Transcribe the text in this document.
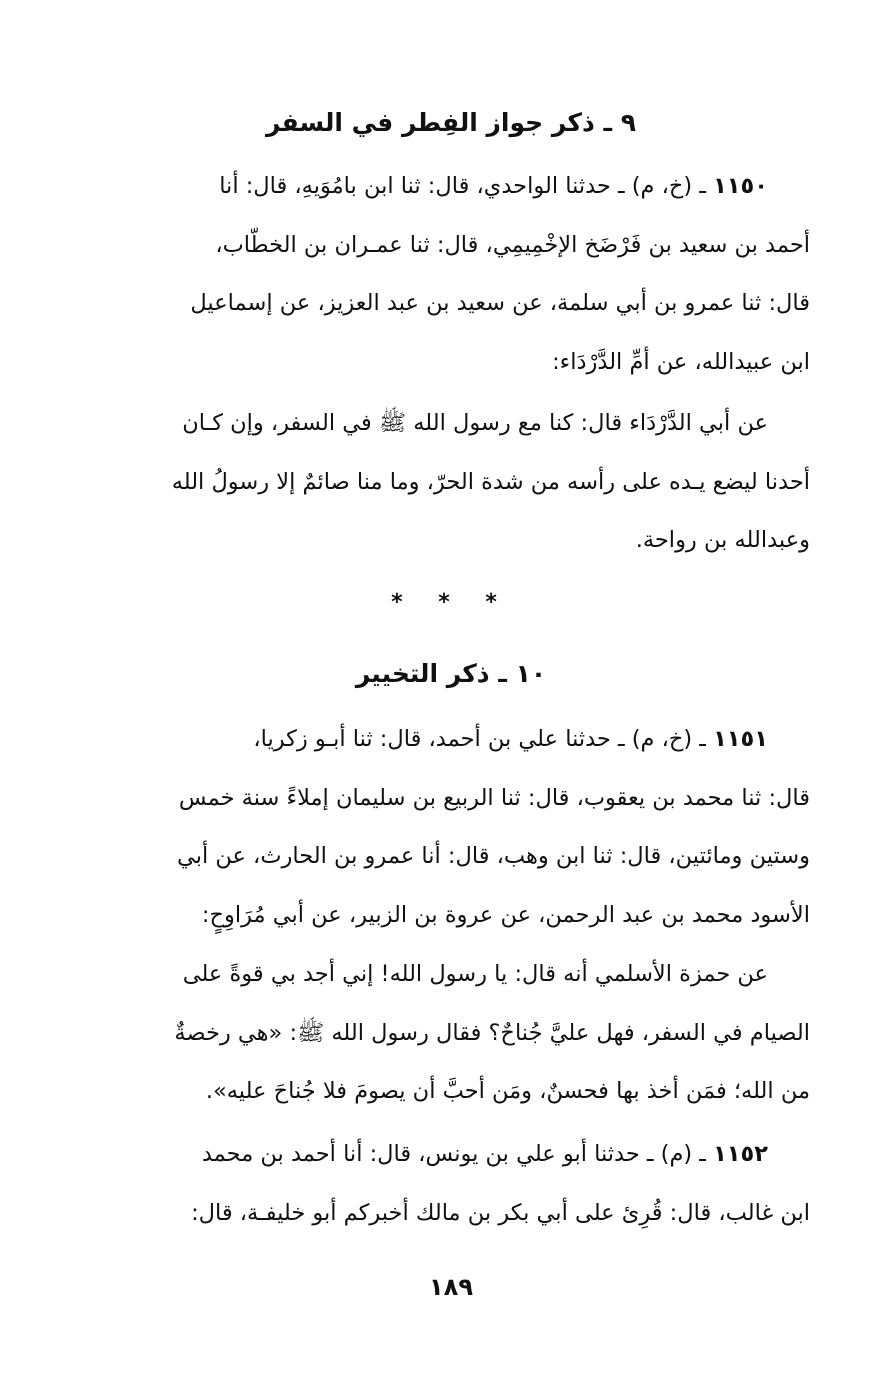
٩ ـ ذكر جواز الفِطر في السفر
١١٥٠ ـ (خ، م) ـ حدثنا الواحدي، قال: ثنا ابن بامُوَيهِ، قال: أنا
أحمد بن سعيد بن فَرْضَخ الإخْمِيمِي، قال: ثنا عمـران بن الخطّاب،
قال: ثنا عمرو بن أبي سلمة، عن سعيد بن عبد العزيز، عن إسماعيل
ابن عبيدالله، عن أمِّ الدَّرْدَاء:
عن أبي الدَّرْدَاء قال: كنا مع رسول الله ﷺ في السفر، وإن كـان
أحدنا ليضع يـده على رأسه من شدة الحرّ، وما منا صائمٌ إلا رسولُ الله
وعبدالله بن رواحة.
* * *
١٠ ـ ذكر التخيير
١١٥١ ـ (خ، م) ـ حدثنا علي بن أحمد، قال: ثنا أبـو زكريا،
قال: ثنا محمد بن يعقوب، قال: ثنا الربيع بن سليمان إملاءً سنة خمس
وستين ومائتين، قال: ثنا ابن وهب، قال: أنا عمرو بن الحارث، عن أبي
الأسود محمد بن عبد الرحمن، عن عروة بن الزبير، عن أبي مُرَاوِحٍ:
عن حمزة الأسلمي أنه قال: يا رسول الله! إني أجد بي قوةً على
الصيام في السفر، فهل عليَّ جُناحٌ؟ فقال رسول الله ﷺ: «هي رخصةٌ
من الله؛ فمَن أخذ بها فحسنٌ، ومَن أحبَّ أن يصومَ فلا جُناحَ عليه».
١١٥٢ ـ (م) ـ حدثنا أبو علي بن يونس، قال: أنا أحمد بن محمد
ابن غالب، قال: قُرِئ على أبي بكر بن مالك أخبركم أبو خليفـة، قال:
١٨٩
